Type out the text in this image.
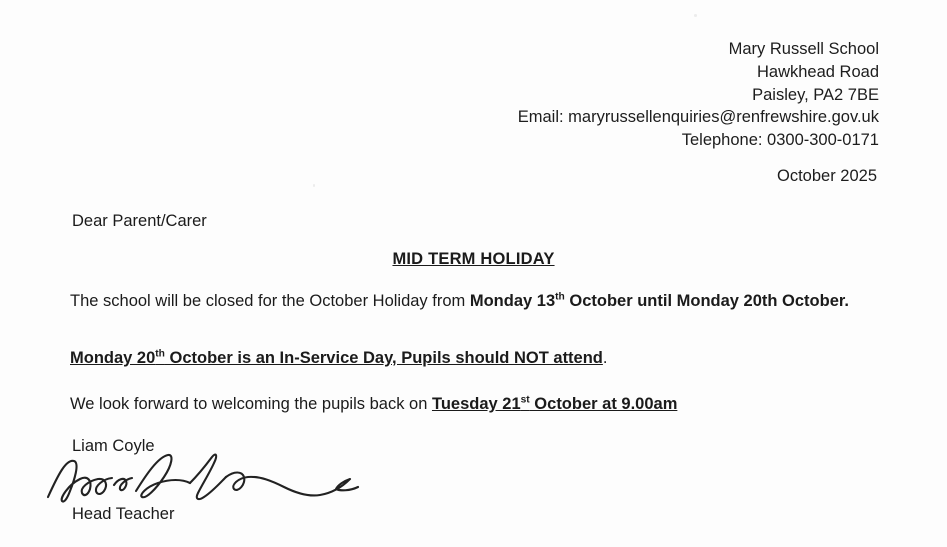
Mary Russell School
Hawkhead Road
Paisley, PA2 7BE
Email: maryrussellenquiries@renfrewshire.gov.uk
Telephone: 0300-300-0171
October 2025
Dear Parent/Carer
MID TERM HOLIDAY
The school will be closed for the October Holiday from Monday 13th October until Monday 20th October.
Monday 20th October is an In-Service Day, Pupils should NOT attend.
We look forward to welcoming the pupils back on Tuesday 21st October at 9.00am
Liam Coyle
Head Teacher
